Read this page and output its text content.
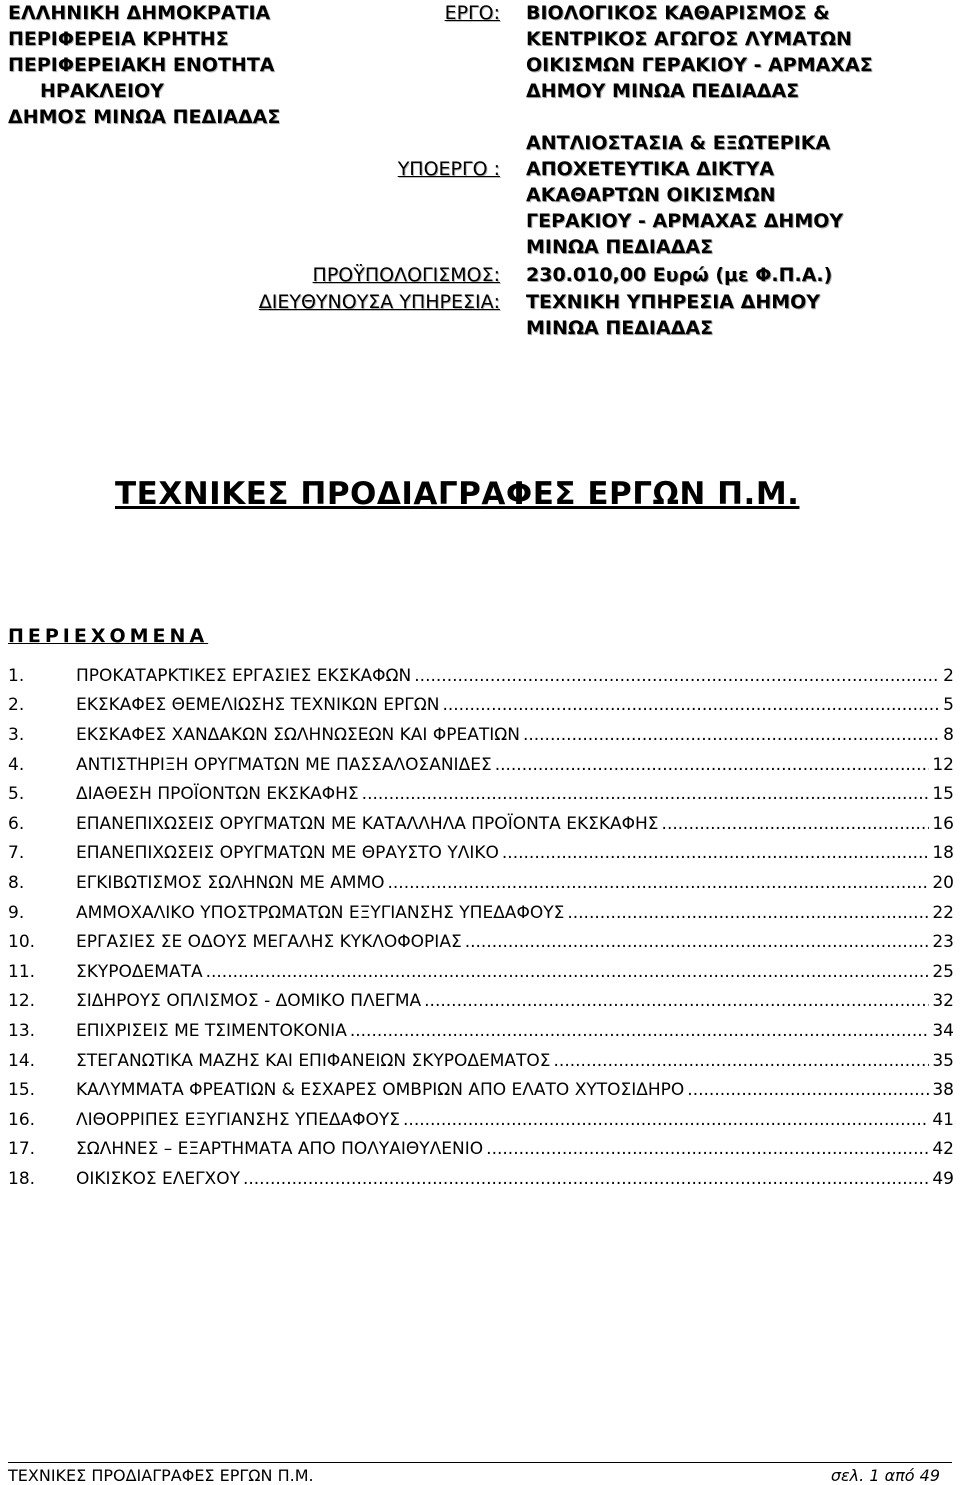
ΕΛΛΗΝΙΚΗ ΔΗΜΟΚΡΑΤΙΑ
ΠΕΡΙΦΕΡΕΙΑ ΚΡΗΤΗΣ
ΠΕΡΙΦΕΡΕΙΑΚΗ ΕΝΟΤΗΤΑ
ΗΡΑΚΛΕΙΟΥ
ΔΗΜΟΣ ΜΙΝΩΑ ΠΕΔΙΑΔΑΣ
ΕΡΓΟ: ΒΙΟΛΟΓΙΚΟΣ ΚΑΘΑΡΙΣΜΟΣ &
ΚΕΝΤΡΙΚΟΣ ΑΓΩΓΟΣ ΛΥΜΑΤΩΝ
ΟΙΚΙΣΜΩΝ ΓΕΡΑΚΙΟΥ - ΑΡΜΑΧΑΣ
ΔΗΜΟΥ ΜΙΝΩΑ ΠΕΔΙΑΔΑΣ
ΥΠΟΕΡΓΟ :
ΑΝΤΛΙΟΣΤΑΣΙΑ & ΕΞΩΤΕΡΙΚΑ
ΑΠΟΧΕΤΕΥΤΙΚΑ ΔΙΚΤΥΑ
ΑΚΑΘΑΡΤΩΝ ΟΙΚΙΣΜΩΝ
ΓΕΡΑΚΙΟΥ - ΑΡΜΑΧΑΣ ΔΗΜΟΥ
ΜΙΝΩΑ ΠΕΔΙΑΔΑΣ
ΠΡΟΫΠΟΛΟΓΙΣΜΟΣ: 230.010,00 Ευρώ (με Φ.Π.Α.)
ΔΙΕΥΘΥΝΟΥΣΑ ΥΠΗΡΕΣΙΑ: ΤΕΧΝΙΚΗ ΥΠΗΡΕΣΙΑ ΔΗΜΟΥ
ΜΙΝΩΑ ΠΕΔΙΑΔΑΣ
ΤΕΧΝΙΚΕΣ ΠΡΟΔΙΑΓΡΑΦΕΣ ΕΡΓΩΝ Π.Μ.
ΠΕΡΙΕΧΟΜΕΝΑ
1.	ΠΡΟΚΑΤΑΡΚΤΙΚΕΣ ΕΡΓΑΣΙΕΣ ΕΚΣΚΑΦΩΝ .....	2
2.	ΕΚΣΚΑΦΕΣ ΘΕΜΕΛΙΩΣΗΣ ΤΕΧΝΙΚΩΝ ΕΡΓΩΝ .....	5
3.	ΕΚΣΚΑΦΕΣ ΧΑΝΔΑΚΩΝ ΣΩΛΗΝΩΣΕΩΝ ΚΑΙ ΦΡΕΑΤΙΩΝ .....	8
4.	ΑΝΤΙΣΤΗΡΙΞΗ ΟΡΥΓΜΑΤΩΝ ΜΕ ΠΑΣΣΑΛΟΣΑΝΙΔΕΣ .....	12
5.	ΔΙΑΘΕΣΗ ΠΡΟΪΟΝΤΩΝ ΕΚΣΚΑΦΗΣ .....	15
6.	ΕΠΑΝΕΠΙΧΩΣΕΙΣ ΟΡΥΓΜΑΤΩΝ ΜΕ ΚΑΤΑΛΛΗΛΑ ΠΡΟΪΟΝΤΑ ΕΚΣΚΑΦΗΣ .....	16
7.	ΕΠΑΝΕΠΙΧΩΣΕΙΣ ΟΡΥΓΜΑΤΩΝ ΜΕ ΘΡΑΥΣΤΟ ΥΛΙΚΟ .....	18
8.	ΕΓΚΙΒΩΤΙΣΜΟΣ ΣΩΛΗΝΩΝ ΜΕ ΑΜΜΟ .....	20
9.	ΑΜΜΟΧΑΛΙΚΟ ΥΠΟΣΤΡΩΜΑΤΩΝ ΕΞΥΓΙΑΝΣΗΣ ΥΠΕΔΑΦΟΥΣ .....	22
10.	ΕΡΓΑΣΙΕΣ ΣΕ ΟΔΟΥΣ ΜΕΓΑΛΗΣ ΚΥΚΛΟΦΟΡΙΑΣ .....	23
11.	ΣΚΥΡΟΔΕΜΑΤΑ .....	25
12.	ΣΙΔΗΡΟΥΣ ΟΠΛΙΣΜΟΣ - ΔΟΜΙΚΟ ΠΛΕΓΜΑ .....	32
13.	ΕΠΙΧΡΙΣΕΙΣ ΜΕ ΤΣΙΜΕΝΤΟΚΟΝΙΑ .....	34
14.	ΣΤΕΓΑΝΩΤΙΚΑ ΜΑΖΗΣ ΚΑΙ ΕΠΙΦΑΝΕΙΩΝ ΣΚΥΡΟΔΕΜΑΤΟΣ .....	35
15.	ΚΑΛΥΜΜΑΤΑ ΦΡΕΑΤΙΩΝ & ΕΣΧΑΡΕΣ ΟΜΒΡΙΩΝ ΑΠΟ ΕΛΑΤΟ ΧΥΤΟΣΙΔΗΡΟ .....	38
16.	ΛΙΘΟΡΡΙΠΕΣ ΕΞΥΓΙΑΝΣΗΣ ΥΠΕΔΑΦΟΥΣ .....	41
17.	ΣΩΛΗΝΕΣ – ΕΞΑΡΤΗΜΑΤΑ ΑΠΟ ΠΟΛΥΑΙΘΥΛΕΝΙΟ .....	42
18.	ΟΙΚΙΣΚΟΣ ΕΛΕΓΧΟΥ .....	49
ΤΕΧΝΙΚΕΣ ΠΡΟΔΙΑΓΡΑΦΕΣ ΕΡΓΩΝ Π.Μ.	σελ. 1 από 49
